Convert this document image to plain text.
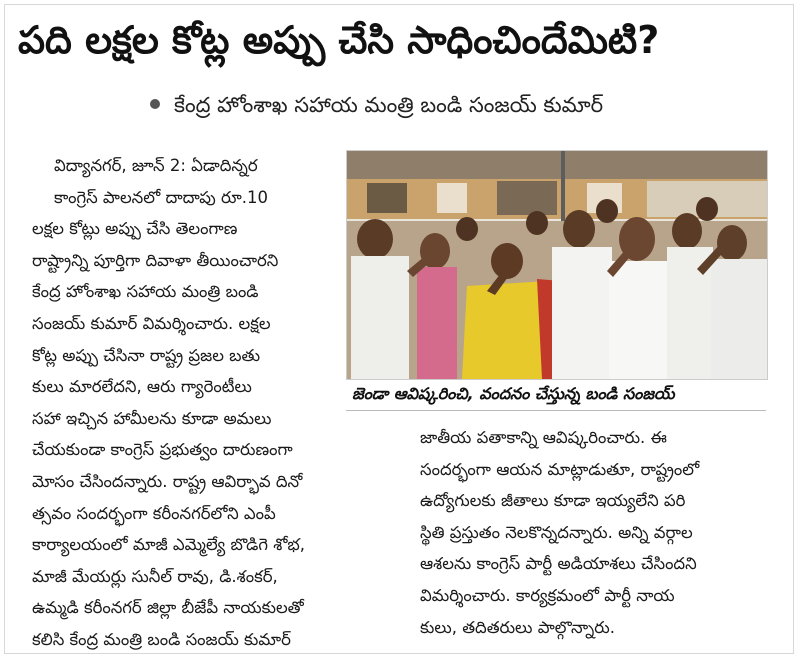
పది లక్షల కోట్ల అప్పు చేసి సాధించిందేమిటి?
కేంద్ర హోంశాఖ సహాయ మంత్రి బండి సంజయ్ కుమార్
విద్యానగర్, జూన్ 2: ఏడాదిన్నర
కాంగ్రెస్ పాలనలో దాదాపు రూ.10
లక్షల కోట్లు అప్పు చేసి తెలంగాణ
రాష్ట్రాన్ని పూర్తిగా దివాళా తీయించారని
కేంద్ర హోంశాఖ సహాయ మంత్రి బండి
సంజయ్ కుమార్ విమర్శించారు. లక్షల
కోట్ల అప్పు చేసినా రాష్ట్ర ప్రజల బతు
కులు మారలేదని, ఆరు గ్యారెంటీలు
సహా ఇచ్చిన హామీలను కూడా అమలు
చేయకుండా కాంగ్రెస్ ప్రభుత్వం దారుణంగా
మోసం చేసిందన్నారు. రాష్ట్ర ఆవిర్భావ దినో
త్సవం సందర్భంగా కరీంనగర్‌లోని ఎంపీ
కార్యాలయంలో మాజీ ఎమ్మెల్యే బొడిగె శోభ,
మాజీ మేయర్లు సునీల్ రావు, డి.శంకర్,
ఉమ్మడి కరీంనగర్ జిల్లా బీజేపీ నాయకులతో
కలిసి కేంద్ర మంత్రి బండి సంజయ్ కుమార్
జెండా ఆవిష్కరించి, వందనం చేస్తున్న బండి సంజయ్
జాతీయ పతాకాన్ని ఆవిష్కరించారు. ఈ
సందర్భంగా ఆయన మాట్లాడుతూ, రాష్ట్రంలో
ఉద్యోగులకు జీతాలు కూడా ఇయ్యలేని పరి
స్థితి ప్రస్తుతం నెలకొన్నదన్నారు. అన్ని వర్గాల
ఆశలను కాంగ్రెస్ పార్టీ అడియాశలు చేసిందని
విమర్శించారు. కార్యక్రమంలో పార్టీ నాయ
కులు, తదితరులు పాల్గొన్నారు.
